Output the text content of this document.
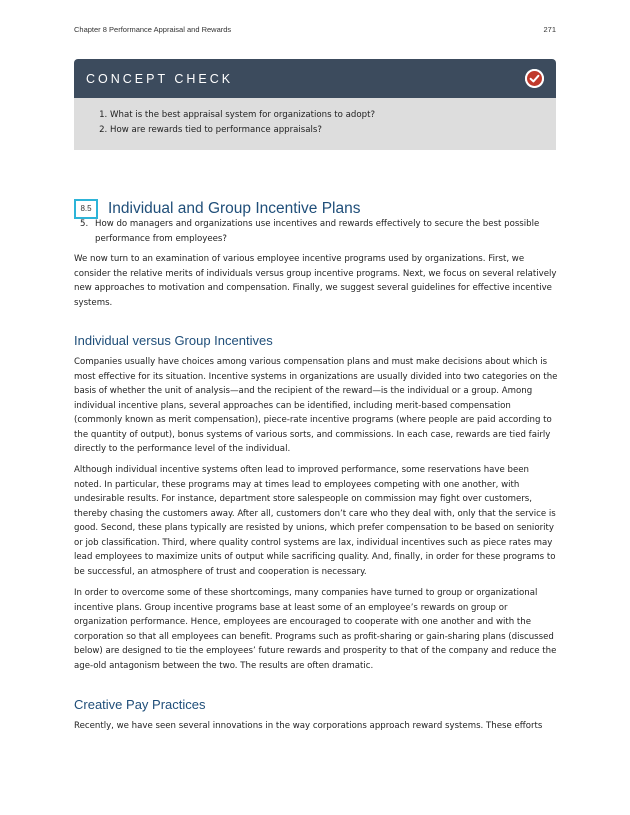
Chapter 8 Performance Appraisal and Rewards	271
CONCEPT CHECK
1. What is the best appraisal system for organizations to adopt?
2. How are rewards tied to performance appraisals?
8.5	Individual and Group Incentive Plans
5. How do managers and organizations use incentives and rewards effectively to secure the best possible performance from employees?

We now turn to an examination of various employee incentive programs used by organizations. First, we consider the relative merits of individuals versus group incentive programs. Next, we focus on several relatively new approaches to motivation and compensation. Finally, we suggest several guidelines for effective incentive systems.

Individual versus Group Incentives

Companies usually have choices among various compensation plans and must make decisions about which is most effective for its situation. Incentive systems in organizations are usually divided into two categories on the basis of whether the unit of analysis—and the recipient of the reward—is the individual or a group. Among individual incentive plans, several approaches can be identified, including merit-based compensation (commonly known as merit compensation), piece-rate incentive programs (where people are paid according to the quantity of output), bonus systems of various sorts, and commissions. In each case, rewards are tied fairly directly to the performance level of the individual.

Although individual incentive systems often lead to improved performance, some reservations have been noted. In particular, these programs may at times lead to employees competing with one another, with undesirable results. For instance, department store salespeople on commission may fight over customers, thereby chasing the customers away. After all, customers don’t care who they deal with, only that the service is good. Second, these plans typically are resisted by unions, which prefer compensation to be based on seniority or job classification. Third, where quality control systems are lax, individual incentives such as piece rates may lead employees to maximize units of output while sacrificing quality. And, finally, in order for these programs to be successful, an atmosphere of trust and cooperation is necessary.

In order to overcome some of these shortcomings, many companies have turned to group or organizational incentive plans. Group incentive programs base at least some of an employee’s rewards on group or organization performance. Hence, employees are encouraged to cooperate with one another and with the corporation so that all employees can benefit. Programs such as profit-sharing or gain-sharing plans (discussed below) are designed to tie the employees’ future rewards and prosperity to that of the company and reduce the age-old antagonism between the two. The results are often dramatic.

Creative Pay Practices

Recently, we have seen several innovations in the way corporations approach reward systems. These efforts
